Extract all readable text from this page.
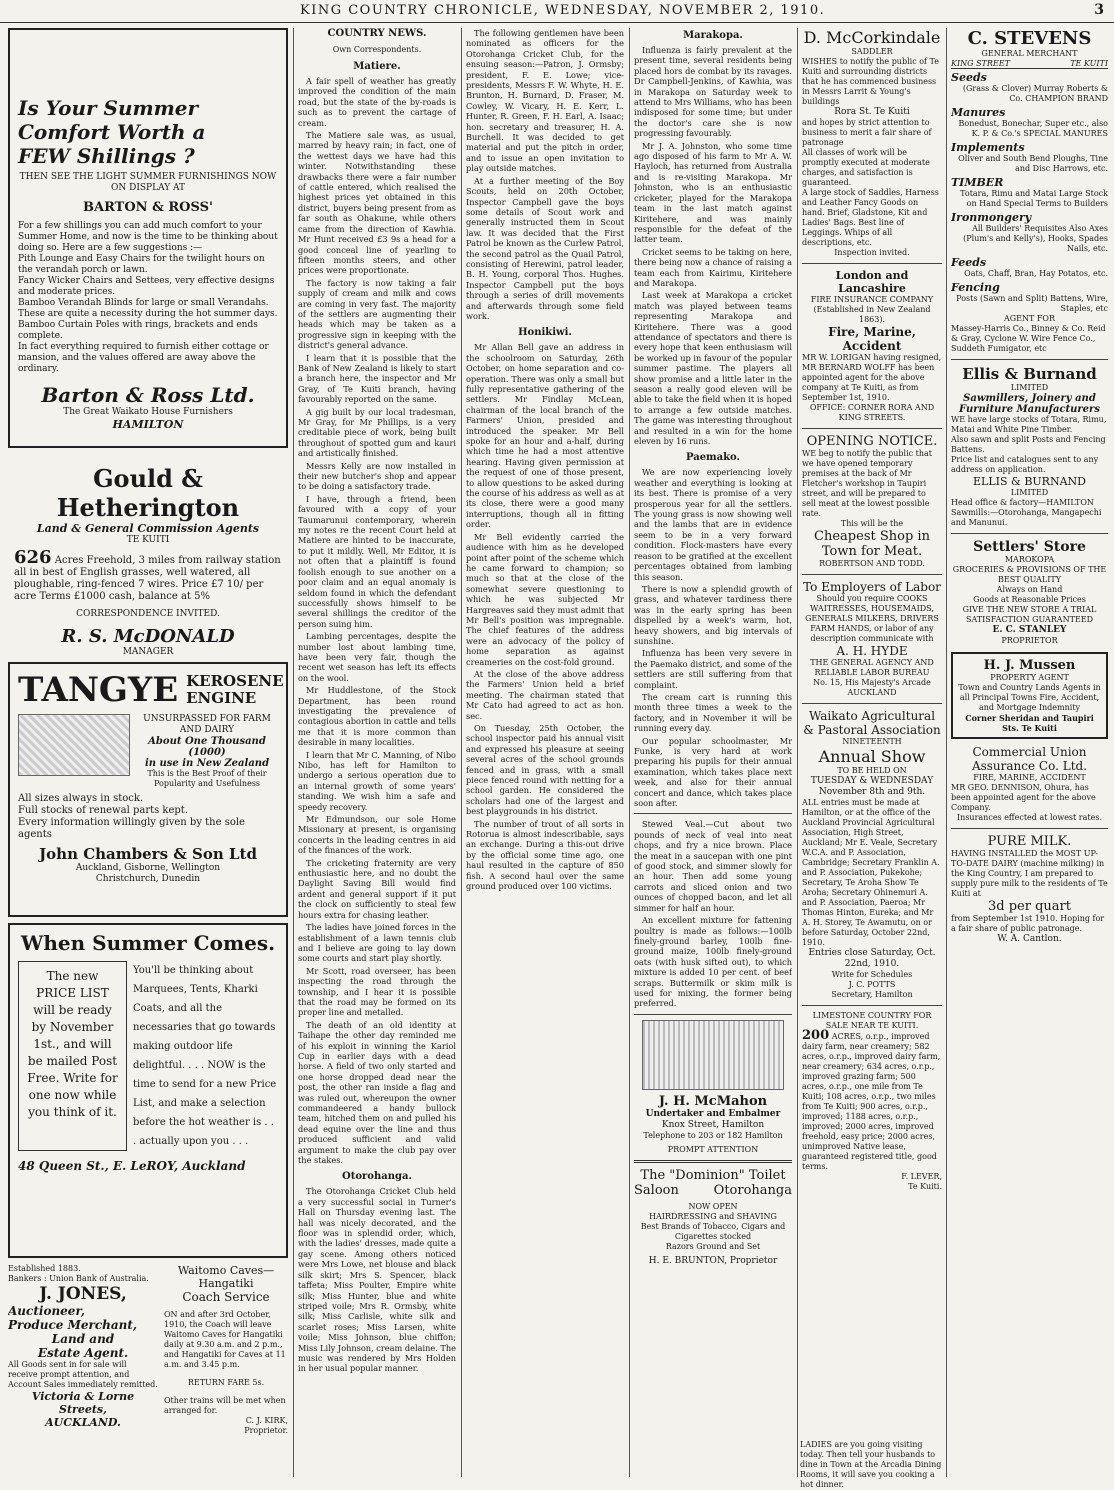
KING COUNTRY CHRONICLE, WEDNESDAY, NOVEMBER 2, 1910.	3
Is Your Summer
Comfort Worth a
FEW Shillings ?
THEN SEE THE LIGHT SUMMER FURNISHINGS NOW ON DISPLAY AT
BARTON & ROSS'
For a few shillings you can add much comfort to your Summer Home, and now is the time to be thinking about doing so. Here are a few suggestions :—
Pith Lounge and Easy Chairs for the twilight hours on the verandah porch or lawn.
Fancy Wicker Chairs and Settees, very effective designs and moderate prices.
Bamboo Verandah Blinds for large or small Verandahs. These are quite a necessity during the hot summer days.
Bamboo Curtain Poles with rings, brackets and ends complete.
In fact everything required to furnish either cottage or mansion, and the values offered are away above the ordinary.
Barton & Ross Ltd.
The Great Waikato House Furnishers
HAMILTON
Gould & Hetherington
Land & General Commission Agents
TE KUITI
626 Acres Freehold, 3 miles from railway station all in best of English grasses, well watered, all ploughable, ring-fenced 7 wires. Price £7 10/ per acre Terms £1000 cash, balance at 5%
CORRESPONDENCE INVITED.
R. S. McDONALD
MANAGER
TANGYE KEROSENE
ENGINE
UNSURPASSED FOR FARM
AND DAIRY
About One Thousand (1000)
in use in New Zealand
This is the Best Proof of their Popularity and Usefulness
All sizes always in stock.
Full stocks of renewal parts kept.
Every information willingly given by the sole agents
John Chambers & Son Ltd
Auckland, Gisborne, Wellington
Christchurch, Dunedin
When Summer Comes.
The new PRICE LIST will be ready by November 1st., and will be mailed Post Free. Write for one now while you think of it.
You'll be thinking about Marquees, Tents, Kharki Coats, and all the necessaries that go towards making outdoor life delightful. . . . NOW is the time to send for a new Price List, and make a selection before the hot weather is . . . actually upon you . . .
48 Queen St., E. LeROY, Auckland
Established 1883.
Bankers : Union Bank of Australia.
J. JONES,
Auctioneer,
Produce Merchant,
Land and
Estate Agent.
All Goods sent in for sale will receive prompt attention, and Account Sales immediately remitted.
Victoria & Lorne Streets,
AUCKLAND.
Waitomo Caves—Hangatiki
Coach Service
ON and after 3rd October, 1910, the Coach will leave Waitomo Caves for Hangatiki daily at 9.30 a.m. and 2 p.m., and Hangatiki for Caves at 11 a.m. and 3.45 p.m.
RETURN FARE 5s.
Other trains will be met when arranged for.
C. J. KIRK,
Proprietor.
COUNTRY NEWS.
Own Correspondents.
Matiere.

A fair spell of weather has greatly improved the condition of the main road, but the state of the by-roads is such as to prevent the cartage of cream.

The Matiere sale was, as usual, marred by heavy rain; in fact, one of the wettest days we have had this winter. Notwithstanding these drawbacks there were a fair number of cattle entered, which realised the highest prices yet obtained in this district, buyers being present from as far south as Ohakune, while others came from the direction of Kawhia. Mr Hunt received £3 9s a head for a good conceal line of yearling to fifteen months steers, and other prices were proportionate.

The factory is now taking a fair supply of cream and milk and cows are coming in very fast. The majority of the settlers are augmenting their heads which may be taken as a progressive sign in keeping with the district's general advance.

I learn that it is possible that the Bank of New Zealand is likely to start a branch here, the inspector and Mr Gray, of Te Kuiti branch, having favourably reported on the same.

A gig built by our local tradesman, Mr Gray, for Mr Phillips, is a very creditable piece of work, being built throughout of spotted gum and kauri and artistically finished.

Messrs Kelly are now installed in their new butcher's shop and appear to be doing a satisfactory trade.

I have, through a friend, been favoured with a copy of your Taumarunui contemporary, wherein my notes re the recent Court held at Matiere are hinted to be inaccurate, to put it mildly. Well, Mr Editor, it is not often that a plaintiff is found foolish enough to sue another on a poor claim and an equal anomaly is seldom found in which the defendant successfully shows himself to be several shillings the creditor of the person suing him.

Lambing percentages, despite the number lost about lambing time, have been very fair, though the recent wet season has left its effects on the wool.

Mr Huddlestone, of the Stock Department, has been round investigating the prevalence of contagious abortion in cattle and tells me that it is more common than desirable in many localities.

I learn that Mr C. Manning, of Nibo Nibo, has left for Hamilton to undergo a serious operation due to an internal growth of some years' standing. We wish him a safe and speedy recovery.

Mr Edmundson, our sole Home Missionary at present, is organising concerts in the leading centres in aid of the finances of the work.

The cricketing fraternity are very enthusiastic here, and no doubt the Daylight Saving Bill would find ardent and general support if it put the clock on sufficiently to steal few hours extra for chasing leather.

The ladies have joined forces in the establishment of a lawn tennis club and I believe are going to lay down some courts and start play shortly.

Mr Scott, road overseer, has been inspecting the road through the township, and I hear it is possible that the road may be formed on its proper line and metalled.

The death of an old identity at Taihape the other day reminded me of his exploit in winning the Kariol Cup in earlier days with a dead horse. A field of two only started and one horse dropped dead near the post, the other ran inside a flag and was ruled out, whereupon the owner commandeered a handy bullock team, hitched them on and pulled his dead equine over the line and thus produced sufficient and valid argument to make the club pay over the stakes.

Otorohanga.

The Otorohanga Cricket Club held a very successful social in Turner's Hall on Thursday evening last. The hall was nicely decorated, and the floor was in splendid order, which, with the ladies' dresses, made quite a gay scene. Among others noticed were Mrs Lowe, net blouse and black silk skirt; Mrs S. Spencer, black taffeta; Miss Poulter, Empire white silk; Miss Hunter, blue and white striped voile; Mrs R. Ormsby, white silk; Miss Carlisle, white silk and scarlet roses; Miss Larsen, white voile; Miss Johnson, blue chiffon; Miss Lily Johnson, cream delaine. The music was rendered by Mrs Holden in her usual popular manner.

The following gentlemen have been nominated as officers for the Otorohanga Cricket Club, for the ensuing season:—Patron, J. Ormsby; president, F. E. Lowe; vice-presidents, Messrs F. W. Whyte, H. E. Brunton, H. Burnard, D. Fraser, M. Cowley, W. Vicary, H. E. Kerr, L. Hunter, R. Green, F. H. Earl, A. Isaac; hon. secretary and treasurer, H. A. Burchell. It was decided to get material and put the pitch in order, and to issue an open invitation to play outside matches.

At a further meeting of the Boy Scouts, held on 20th October, Inspector Campbell gave the boys some details of Scout work and generally instructed them in Scout law. It was decided that the First Patrol be known as the Curlew Patrol, the second patrol as the Quail Patrol, consisting of Herewini, patrol leader, B. H. Young, corporal Thos. Hughes. Inspector Campbell put the boys through a series of drill movements and afterwards through some field work.

Honikiwi.

Mr Allan Bell gave an address in the schoolroom on Saturday, 26th October, on home separation and co-operation. There was only a small but fully representative gathering of the settlers. Mr Findlay McLean, chairman of the local branch of the Farmers' Union, presided and introduced the speaker. Mr Bell spoke for an hour and a-half, during which time he had a most attentive hearing. Having given permission at the request of one of those present, to allow questions to be asked during the course of his address as well as at its close, there were a good many interruptions, though all in fitting order.

Mr Bell evidently carried the audience with him as he developed point after point of the scheme which he came forward to champion; so much so that at the close of the somewhat severe questioning to which he was subjected Mr Hargreaves said they must admit that Mr Bell's position was impregnable. The chief features of the address were an advocacy of the policy of home separation as against creameries on the cost-fold ground.

At the close of the above address the Farmers' Union held a brief meeting. The chairman stated that Mr Cato had agreed to act as hon. sec.

On Tuesday, 25th October, the school inspector paid his annual visit and expressed his pleasure at seeing several acres of the school grounds fenced and in grass, with a small piece fenced round with netting for a school garden. He considered the scholars had one of the largest and best playgrounds in his district.

The number of trout of all sorts in Rotorua is almost indescribable, says an exchange. During a this-out drive by the official some time ago, one haul resulted in the capture of 850 fish. A second haul over the same ground produced over 100 victims.

Marakopa.

Influenza is fairly prevalent at the present time, several residents being placed hors de combat by its ravages. Dr Campbell-Jenkins, of Kawhia, was in Marakopa on Saturday week to attend to Mrs Williams, who has been indisposed for some time; but under the doctor's care she is now progressing favourably.

Mr J. A. Johnston, who some time ago disposed of his farm to Mr A. W. Hayloch, has returned from Australia and is re-visiting Marakopa. Mr Johnston, who is an enthusiastic cricketer, played for the Marakopa team in the last match against Kiritehere, and was mainly responsible for the defeat of the latter team.

Cricket seems to be taking on here, there being now a chance of raising a team each from Kairimu, Kiritehere and Marakopa.

Last week at Marakopa a cricket match was played between teams representing Marakopa and Kiritehere. There was a good attendance of spectators and there is every hope that keen enthusiasm will be worked up in favour of the popular summer pastime. The players all show promise and a little later in the season a really good eleven will be able to take the field when it is hoped to arrange a few outside matches. The game was interesting throughout and resulted in a win for the home eleven by 16 runs.

Paemako.

We are now experiencing lovely weather and everything is looking at its best. There is promise of a very prosperous year for all the settlers. The young grass is now showing well and the lambs that are in evidence seem to be in a very forward condition. Flock-masters have every reason to be gratified at the excellent percentages obtained from lambing this season.

There is now a splendid growth of grass, and whatever tardiness there was in the early spring has been dispelled by a week's warm, hot, heavy showers, and big intervals of sunshine.

Influenza has been very severe in the Paemako district, and some of the settlers are still suffering from that complaint.

The cream cart is running this month three times a week to the factory, and in November it will be running every day.

Our popular schoolmaster, Mr Funke, is very hard at work preparing his pupils for their annual examination, which takes place next week, and also for their annual concert and dance, which takes place soon after.

Stewed Veal.—Cut about two pounds of neck of veal into neat chops, and fry a nice brown. Place the meat in a saucepan with one pint of good stock, and simmer slowly for an hour. Then add some young carrots and sliced onion and two ounces of chopped bacon, and let all simmer for half an hour.

An excellent mixture for fattening poultry is made as follows:—100lb finely-ground barley, 100lb fine-ground maize, 100lb finely-ground oats (with husk sifted out), to which mixture is added 10 per cent. of beef scraps. Buttermilk or skim milk is used for mixing, the former being preferred.

J. H. McMahon
Undertaker and Embalmer
Knox Street, Hamilton
Telephone to 203 or 182 Hamilton
PROMPT ATTENTION
The "Dominion" Toilet
Saloon	Otorohanga
NOW OPEN
HAIRDRESSING and SHAVING
Best Brands of Tobacco, Cigars and Cigarettes stocked
Razors Ground and Set
H. E. BRUNTON, Proprietor
D. McCorkindale
SADDLER
WISHES to notify the public of Te Kuiti and surrounding districts that he has commenced business in Messrs Larrit & Young's buildings
Rora St. Te Kuiti
and hopes by strict attention to business to merit a fair share of patronage
All classes of work will be promptly executed at moderate charges, and satisfaction is guaranteed.
A large stock of Saddles, Harness and Leather Fancy Goods on hand. Brief, Gladstone, Kit and Ladies' Bags. Best line of Leggings. Whips of all descriptions, etc.
Inspection invited.
London and Lancashire
FIRE INSURANCE COMPANY
(Established in New Zealand 1863).
Fire, Marine, Accident
MR W. LORIGAN having resigned, MR BERNARD WOLFF has been appointed agent for the above company at Te Kuiti, as from September 1st, 1910.
OFFICE: CORNER RORA AND KING STREETS.
OPENING NOTICE.
WE beg to notify the public that we have opened temporary premises at the back of Mr Fletcher's workshop in Taupiri street, and will be prepared to sell meat at the lowest possible rate.
This will be the
Cheapest Shop in Town for Meat.
ROBERTSON AND TODD.
To Employers of Labor
Should you require COOKS WAITRESSES, HOUSEMAIDS, GENERALS MILKERS, DRIVERS FARM HANDS, or labor of any description communicate with
A. H. HYDE
THE GENERAL AGENCY AND RELIABLE LABOR BUREAU
No. 15, His Majesty's Arcade
AUCKLAND
Waikato Agricultural & Pastoral Association
NINETEENTH
Annual Show
TO BE HELD ON
TUESDAY & WEDNESDAY November 8th and 9th.
ALL entries must be made at Hamilton, or at the office of the Auckland Provincial Agricultural Association, High Street, Auckland; Mr E. Veale, Secretary W.C.A. and P. Association, Cambridge; Secretary Franklin A. and P. Association, Pukekohe; Secretary, Te Aroha Show Te Aroha; Secretary Ohinemuri A. and P. Association, Paeroa; Mr Thomas Hinton, Eureka; and Mr A. H. Storey, Te Awamutu, on or before Saturday, October 22nd, 1910.
Entries close Saturday, Oct. 22nd, 1910.
Write for Schedules
J. C. POTTS
Secretary, Hamilton
LIMESTONE COUNTRY FOR SALE NEAR TE KUITI.
200 ACRES, o.r.p., improved dairy farm, near creamery; 582 acres, o.r.p., improved dairy farm, near creamery; 634 acres, o.r.p., improved grazing farm; 500 acres, o.r.p., one mile from Te Kuiti; 108 acres, o.r.p., two miles from Te Kuiti; 900 acres, o.r.p., improved; 1188 acres, o.r.p., improved; 2000 acres, improved freehold, easy price; 2000 acres, unimproved Native lease, guaranteed registered title, good terms.
F. LEVER,
Te Kuiti.
C. STEVENS
GENERAL MERCHANT
KING STREET	TE KUITI
Seeds
(Grass & Clover) Murray Roberts & Co. CHAMPION BRAND
Manures
Bonedust, Bonechar, Super etc., also K. P. & Co.'s SPECIAL MANURES
Implements
Oliver and South Bend Ploughs, Tine and Disc Harrows, etc.
TIMBER
Totara, Rimu and Matai Large Stock on Hand Special Terms to Builders
Ironmongery
All Builders' Requisites Also Axes (Plum's and Kelly's), Hooks, Spades Nails, etc.
Feeds
Oats, Chaff, Bran, Hay Potatos, etc.
Fencing
Posts (Sawn and Split) Battens, Wire, Staples, etc
AGENT FOR
Massey-Harris Co., Binney & Co. Reid & Gray, Cyclone W. Wire Fence Co., Suddeth Fumigator, etc
Ellis & Burnand
LIMITED
Sawmillers, Joinery and Furniture Manufacturers
WE have large stocks of Totara, Rimu, Matai and White Pine Timber.
Also sawn and split Posts and Fencing Battens.
Price list and catalogues sent to any address on application.
ELLIS & BURNAND
LIMITED
Head office & factory—HAMILTON
Sawmills:—Otorohanga, Mangapechi and Manunui.
Settlers' Store
MAROKOPA
GROCERIES & PROVISIONS OF THE BEST QUALITY
Always on Hand
Goods at Reasonable Prices
GIVE THE NEW STORE A TRIAL SATISFACTION GUARANTEED
E. C. STANLEY
PROPRIETOR
H. J. Mussen
PROPERTY AGENT
Town and Country Lands Agents in all Principal Towns Fire, Accident, and Mortgage Indemnity
Corner Sheridan and Taupiri Sts. Te Kuiti
Commercial Union Assurance Co. Ltd.
FIRE, MARINE, ACCIDENT
MR GEO. DENNISON, Ohura, has been appointed agent for the above Company.
Insurances effected at lowest rates.
PURE MILK.
HAVING INSTALLED the MOST UP-TO-DATE DAIRY (machine milking) in the King Country, I am prepared to supply pure milk to the residents of Te Kuiti at
3d per quart
from September 1st 1910. Hoping for a fair share of public patronage.
W. A. Cantlon.
LADIES are you going visiting today. Then tell your husbands to dine in Town at the Arcadia Dining Rooms, it will save you cooking a hot dinner.
